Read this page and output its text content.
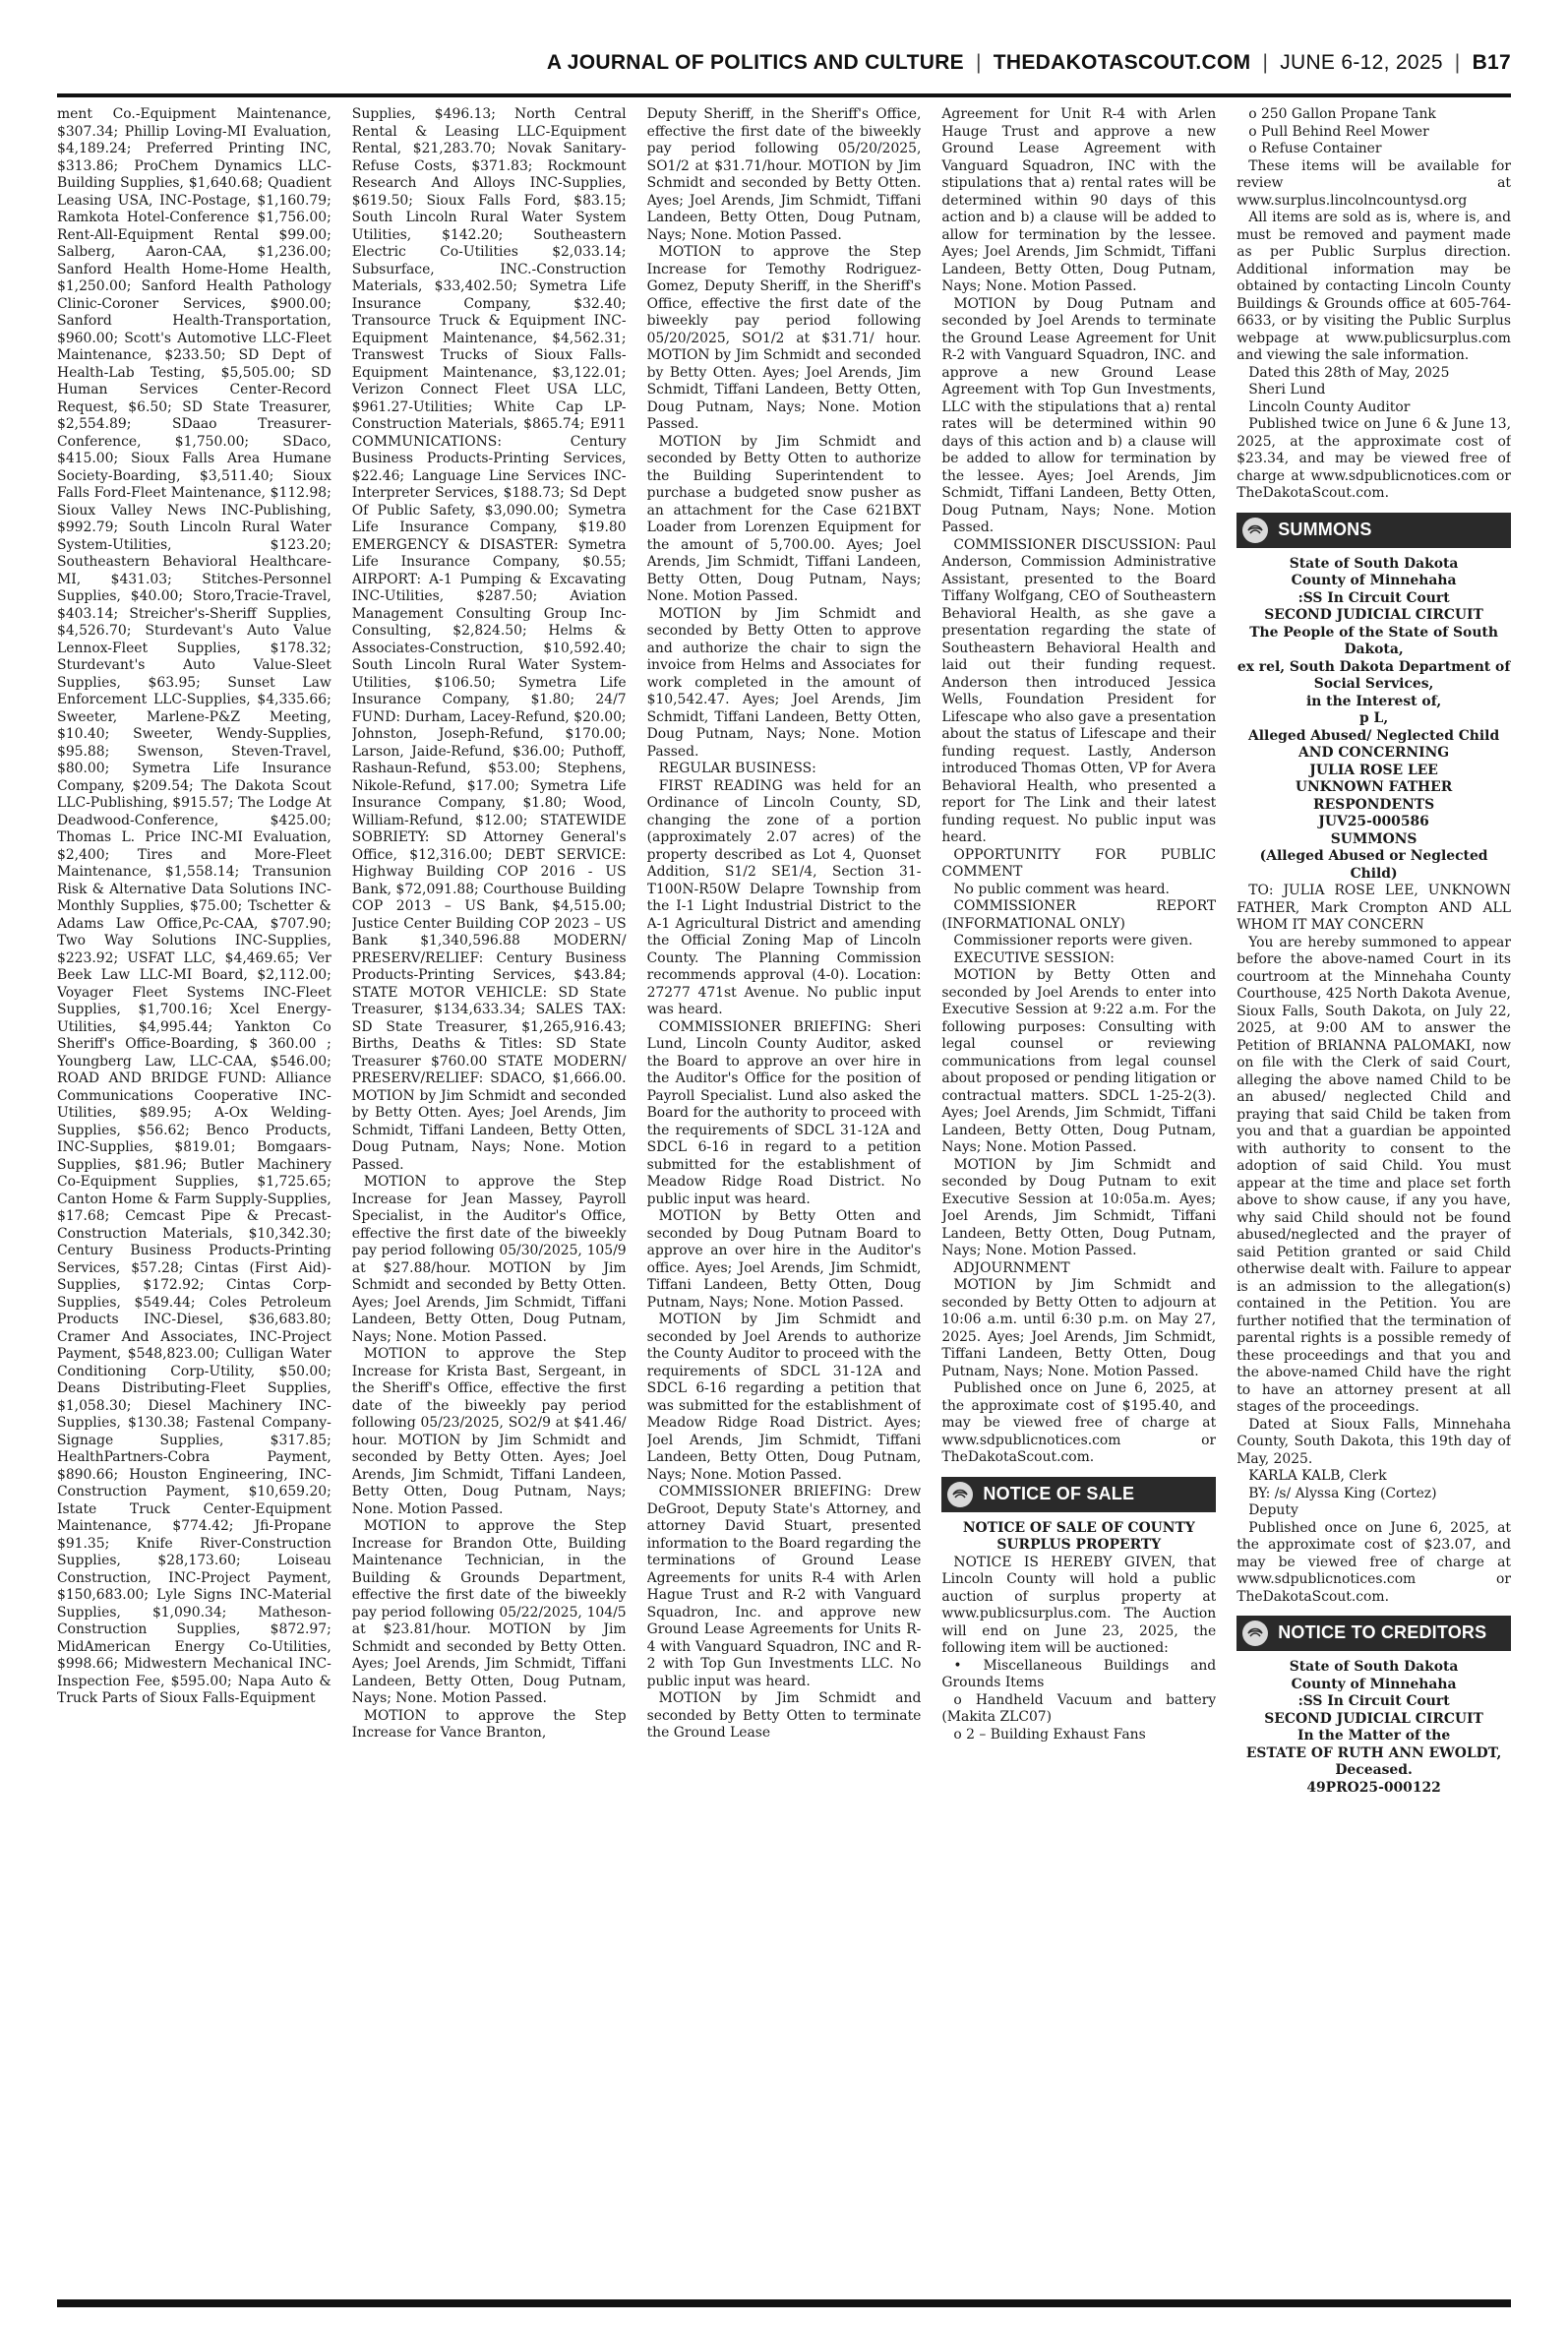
A JOURNAL OF POLITICS AND CULTURE | THEDAKOTASCOUT.COM | JUNE 6-12, 2025 | B17

ment Co.-Equipment Maintenance, $307.34; Phillip Loving-MI Evaluation, $4,189.24; Preferred Printing INC, $313.86; ProChem Dynamics LLC-Building Supplies, $1,640.68; Quadient Leasing USA, INC-Postage, $1,160.79; Ramkota Hotel-Conference $1,756.00; Rent-All-Equipment Rental $99.00; Salberg, Aaron-CAA, $1,236.00; Sanford Health Home-Home Health, $1,250.00; Sanford Health Pathology Clinic-Coroner Services, $900.00; Sanford Health-Transportation, $960.00; Scott's Automotive LLC-Fleet Maintenance, $233.50; SD Dept of Health-Lab Testing, $5,505.00; SD Human Services Center-Record Request, $6.50; SD State Treasurer, $2,554.89; SDaao Treasurer-Conference, $1,750.00; SDaco, $415.00; Sioux Falls Area Humane Society-Boarding, $3,511.40; Sioux Falls Ford-Fleet Maintenance, $112.98; Sioux Valley News INC-Publishing, $992.79; South Lincoln Rural Water System-Utilities, $123.20; Southeastern Behavioral Healthcare-MI, $431.03; Stitches-Personnel Supplies, $40.00; Storo,Tracie-Travel, $403.14; Streicher's-Sheriff Supplies, $4,526.70; Sturdevant's Auto Value Lennox-Fleet Supplies, $178.32; Sturdevant's Auto Value-Sleet Supplies, $63.95; Sunset Law Enforcement LLC-Supplies, $4,335.66; Sweeter, Marlene-P&Z Meeting, $10.40; Sweeter, Wendy-Supplies, $95.88; Swenson, Steven-Travel, $80.00; Symetra Life Insurance Company, $209.54; The Dakota Scout LLC-Publishing, $915.57; The Lodge At Deadwood-Conference, $425.00; Thomas L. Price INC-MI Evaluation, $2,400; Tires and More-Fleet Maintenance, $1,558.14; Transunion Risk & Alternative Data Solutions INC-Monthly Supplies, $75.00; Tschetter & Adams Law Office,Pc-CAA, $707.90; Two Way Solutions INC-Supplies, $223.92; USFAT LLC, $4,469.65; Ver Beek Law LLC-MI Board, $2,112.00; Voyager Fleet Systems INC-Fleet Supplies, $1,700.16; Xcel Energy-Utilities, $4,995.44; Yankton Co Sheriff's Office-Boarding, $ 360.00 ; Youngberg Law, LLC-CAA, $546.00; ROAD AND BRIDGE FUND: Alliance Communications Cooperative INC-Utilities, $89.95; A-Ox Welding-Supplies, $56.62; Benco Products, INC-Supplies, $819.01; Bomgaars-Supplies, $81.96; Butler Machinery Co-Equipment Supplies, $1,725.65; Canton Home & Farm Supply-Supplies, $17.68; Cemcast Pipe & Precast-Construction Materials, $10,342.30; Century Business Products-Printing Services, $57.28; Cintas (First Aid)-Supplies, $172.92; Cintas Corp-Supplies, $549.44; Coles Petroleum Products INC-Diesel, $36,683.80; Cramer And Associates, INC-Project Payment, $548,823.00; Culligan Water Conditioning Corp-Utility, $50.00; Deans Distributing-Fleet Supplies, $1,058.30; Diesel Machinery INC-Supplies, $130.38; Fastenal Company-Signage Supplies, $317.85; HealthPartners-Cobra Payment, $890.66; Houston Engineering, INC-Construction Payment, $10,659.20; Istate Truck Center-Equipment Maintenance, $774.42; Jfi-Propane $91.35; Knife River-Construction Supplies, $28,173.60; Loiseau Construction, INC-Project Payment, $150,683.00; Lyle Signs INC-Material Supplies, $1,090.34; Matheson-Construction Supplies, $872.97; MidAmerican Energy Co-Utilities, $998.66; Midwestern Mechanical INC-Inspection Fee, $595.00; Napa Auto & Truck Parts of Sioux Falls-Equipment

Supplies, $496.13; North Central Rental & Leasing LLC-Equipment Rental, $21,283.70; Novak Sanitary-Refuse Costs, $371.83; Rockmount Research And Alloys INC-Supplies, $619.50; Sioux Falls Ford, $83.15; South Lincoln Rural Water System Utilities, $142.20; Southeastern Electric Co-Utilities $2,033.14; Subsurface, INC.-Construction Materials, $33,402.50; Symetra Life Insurance Company, $32.40; Transource Truck & Equipment INC-Equipment Maintenance, $4,562.31; Transwest Trucks of Sioux Falls-Equipment Maintenance, $3,122.01; Verizon Connect Fleet USA LLC, $961.27-Utilities; White Cap LP-Construction Materials, $865.74; E911 COMMUNICATIONS: Century Business Products-Printing Services, $22.46; Language Line Services INC-Interpreter Services, $188.73; Sd Dept Of Public Safety, $3,090.00; Symetra Life Insurance Company, $19.80 EMERGENCY & DISASTER: Symetra Life Insurance Company, $0.55; AIRPORT: A-1 Pumping & Excavating INC-Utilities, $287.50; Aviation Management Consulting Group Inc-Consulting, $2,824.50; Helms & Associates-Construction, $10,592.40; South Lincoln Rural Water System- Utilities, $106.50; Symetra Life Insurance Company, $1.80; 24/7 FUND: Durham, Lacey-Refund, $20.00; Johnston, Joseph-Refund, $170.00; Larson, Jaide-Refund, $36.00; Puthoff, Rashaun-Refund, $53.00; Stephens, Nikole-Refund, $17.00; Symetra Life Insurance Company, $1.80; Wood, William-Refund, $12.00; STATEWIDE SOBRIETY: SD Attorney General's Office, $12,316.00; DEBT SERVICE: Highway Building COP 2016 - US Bank, $72,091.88; Courthouse Building COP 2013 – US Bank, $4,515.00; Justice Center Building COP 2023 – US Bank $1,340,596.88 MODERN/ PRESERV/RELIEF: Century Business Products-Printing Services, $43.84; STATE MOTOR VEHICLE: SD State Treasurer, $134,633.34; SALES TAX: SD State Treasurer, $1,265,916.43; Births, Deaths & Titles: SD State Treasurer $760.00 STATE MODERN/ PRESERV/RELIEF: SDACO, $1,666.00. MOTION by Jim Schmidt and seconded by Betty Otten. Ayes; Joel Arends, Jim Schmidt, Tiffani Landeen, Betty Otten, Doug Putnam, Nays; None. Motion Passed.

MOTION to approve the Step Increase for Jean Massey, Payroll Specialist, in the Auditor's Office, effective the first date of the biweekly pay period following 05/30/2025, 105/9 at $27.88/hour. MOTION by Jim Schmidt and seconded by Betty Otten. Ayes; Joel Arends, Jim Schmidt, Tiffani Landeen, Betty Otten, Doug Putnam, Nays; None. Motion Passed.

MOTION to approve the Step Increase for Krista Bast, Sergeant, in the Sheriff's Office, effective the first date of the biweekly pay period following 05/23/2025, SO2/9 at $41.46/ hour. MOTION by Jim Schmidt and seconded by Betty Otten. Ayes; Joel Arends, Jim Schmidt, Tiffani Landeen, Betty Otten, Doug Putnam, Nays; None. Motion Passed.

MOTION to approve the Step Increase for Brandon Otte, Building Maintenance Technician, in the Building & Grounds Department, effective the first date of the biweekly pay period following 05/22/2025, 104/5 at $23.81/hour. MOTION by Jim Schmidt and seconded by Betty Otten. Ayes; Joel Arends, Jim Schmidt, Tiffani Landeen, Betty Otten, Doug Putnam, Nays; None. Motion Passed.

MOTION to approve the Step Increase for Vance Branton,

Deputy Sheriff, in the Sheriff's Office, effective the first date of the biweekly pay period following 05/20/2025, SO1/2 at $31.71/hour. MOTION by Jim Schmidt and seconded by Betty Otten. Ayes; Joel Arends, Jim Schmidt, Tiffani Landeen, Betty Otten, Doug Putnam, Nays; None. Motion Passed.

MOTION to approve the Step Increase for Temothy Rodriguez-Gomez, Deputy Sheriff, in the Sheriff's Office, effective the first date of the biweekly pay period following 05/20/2025, SO1/2 at $31.71/ hour. MOTION by Jim Schmidt and seconded by Betty Otten. Ayes; Joel Arends, Jim Schmidt, Tiffani Landeen, Betty Otten, Doug Putnam, Nays; None. Motion Passed.

MOTION by Jim Schmidt and seconded by Betty Otten to authorize the Building Superintendent to purchase a budgeted snow pusher as an attachment for the Case 621BXT Loader from Lorenzen Equipment for the amount of 5,700.00. Ayes; Joel Arends, Jim Schmidt, Tiffani Landeen, Betty Otten, Doug Putnam, Nays; None. Motion Passed.

MOTION by Jim Schmidt and seconded by Betty Otten to approve and authorize the chair to sign the invoice from Helms and Associates for work completed in the amount of $10,542.47. Ayes; Joel Arends, Jim Schmidt, Tiffani Landeen, Betty Otten, Doug Putnam, Nays; None. Motion Passed.

REGULAR BUSINESS:

FIRST READING was held for an Ordinance of Lincoln County, SD, changing the zone of a portion (approximately 2.07 acres) of the property described as Lot 4, Quonset Addition, S1/2 SE1/4, Section 31-T100N-R50W Delapre Township from the I-1 Light Industrial District to the A-1 Agricultural District and amending the Official Zoning Map of Lincoln County. The Planning Commission recommends approval (4-0). Location: 27277 471st Avenue. No public input was heard.

COMMISSIONER BRIEFING: Sheri Lund, Lincoln County Auditor, asked the Board to approve an over hire in the Auditor's Office for the position of Payroll Specialist. Lund also asked the Board for the authority to proceed with the requirements of SDCL 31-12A and SDCL 6-16 in regard to a petition submitted for the establishment of Meadow Ridge Road District. No public input was heard.

MOTION by Betty Otten and seconded by Doug Putnam Board to approve an over hire in the Auditor's office. Ayes; Joel Arends, Jim Schmidt, Tiffani Landeen, Betty Otten, Doug Putnam, Nays; None. Motion Passed.

MOTION by Jim Schmidt and seconded by Joel Arends to authorize the County Auditor to proceed with the requirements of SDCL 31-12A and SDCL 6-16 regarding a petition that was submitted for the establishment of Meadow Ridge Road District. Ayes; Joel Arends, Jim Schmidt, Tiffani Landeen, Betty Otten, Doug Putnam, Nays; None. Motion Passed.

COMMISSIONER BRIEFING: Drew DeGroot, Deputy State's Attorney, and attorney David Stuart, presented information to the Board regarding the terminations of Ground Lease Agreements for units R-4 with Arlen Hague Trust and R-2 with Vanguard Squadron, Inc. and approve new Ground Lease Agreements for Units R-4 with Vanguard Squadron, INC and R-2 with Top Gun Investments LLC. No public input was heard.

MOTION by Jim Schmidt and seconded by Betty Otten to terminate the Ground Lease

Agreement for Unit R-4 with Arlen Hauge Trust and approve a new Ground Lease Agreement with Vanguard Squadron, INC with the stipulations that a) rental rates will be determined within 90 days of this action and b) a clause will be added to allow for termination by the lessee. Ayes; Joel Arends, Jim Schmidt, Tiffani Landeen, Betty Otten, Doug Putnam, Nays; None. Motion Passed.

MOTION by Doug Putnam and seconded by Joel Arends to terminate the Ground Lease Agreement for Unit R-2 with Vanguard Squadron, INC. and approve a new Ground Lease Agreement with Top Gun Investments, LLC with the stipulations that a) rental rates will be determined within 90 days of this action and b) a clause will be added to allow for termination by the lessee. Ayes; Joel Arends, Jim Schmidt, Tiffani Landeen, Betty Otten, Doug Putnam, Nays; None. Motion Passed.

COMMISSIONER DISCUSSION: Paul Anderson, Commission Administrative Assistant, presented to the Board Tiffany Wolfgang, CEO of Southeastern Behavioral Health, as she gave a presentation regarding the state of Southeastern Behavioral Health and laid out their funding request. Anderson then introduced Jessica Wells, Foundation President for Lifescape who also gave a presentation about the status of Lifescape and their funding request. Lastly, Anderson introduced Thomas Otten, VP for Avera Behavioral Health, who presented a report for The Link and their latest funding request. No public input was heard.

OPPORTUNITY FOR PUBLIC COMMENT

No public comment was heard.

COMMISSIONER REPORT (INFORMATIONAL ONLY)

Commissioner reports were given.

EXECUTIVE SESSION:

MOTION by Betty Otten and seconded by Joel Arends to enter into Executive Session at 9:22 a.m. For the following purposes: Consulting with legal counsel or reviewing communications from legal counsel about proposed or pending litigation or contractual matters. SDCL 1-25-2(3). Ayes; Joel Arends, Jim Schmidt, Tiffani Landeen, Betty Otten, Doug Putnam, Nays; None. Motion Passed.

MOTION by Jim Schmidt and seconded by Doug Putnam to exit Executive Session at 10:05a.m. Ayes; Joel Arends, Jim Schmidt, Tiffani Landeen, Betty Otten, Doug Putnam, Nays; None. Motion Passed.

ADJOURNMENT

MOTION by Jim Schmidt and seconded by Betty Otten to adjourn at 10:06 a.m. until 6:30 p.m. on May 27, 2025. Ayes; Joel Arends, Jim Schmidt, Tiffani Landeen, Betty Otten, Doug Putnam, Nays; None. Motion Passed.

Published once on June 6, 2025, at the approximate cost of $195.40, and may be viewed free of charge at www.sdpublicnotices.com or TheDakotaScout.com.

NOTICE OF SALE

NOTICE OF SALE OF COUNTY SURPLUS PROPERTY

NOTICE IS HEREBY GIVEN, that Lincoln County will hold a public auction of surplus property at www.publicsurplus.com. The Auction will end on June 23, 2025, the following item will be auctioned:

• Miscellaneous Buildings and Grounds Items

o Handheld Vacuum and battery (Makita ZLC07)

o 2 – Building Exhaust Fans

o 250 Gallon Propane Tank

o Pull Behind Reel Mower

o Refuse Container

These items will be available for review at www.surplus.lincolncountysd.org

All items are sold as is, where is, and must be removed and payment made as per Public Surplus direction. Additional information may be obtained by contacting Lincoln County Buildings & Grounds office at 605-764-6633, or by visiting the Public Surplus webpage at www.publicsurplus.com and viewing the sale information.

Dated this 28th of May, 2025

Sheri Lund

Lincoln County Auditor

Published twice on June 6 & June 13, 2025, at the approximate cost of $23.34, and may be viewed free of charge at www.sdpublicnotices.com or TheDakotaScout.com.

SUMMONS

State of South Dakota

County of Minnehaha

:SS In Circuit Court

SECOND JUDICIAL CIRCUIT

The People of the State of South Dakota,

ex rel, South Dakota Department of

Social Services,

in the Interest of,

p L,

Alleged Abused/ Neglected Child

AND CONCERNING

JULIA ROSE LEE

UNKNOWN FATHER

RESPONDENTS

JUV25-000586

SUMMONS

(Alleged Abused or Neglected Child)

TO: JULIA ROSE LEE, UNKNOWN FATHER, Mark Crompton AND ALL WHOM IT MAY CONCERN

You are hereby summoned to appear before the above-named Court in its courtroom at the Minnehaha County Courthouse, 425 North Dakota Avenue, Sioux Falls, South Dakota, on July 22, 2025, at 9:00 AM to answer the Petition of BRIANNA PALOMAKI, now on file with the Clerk of said Court, alleging the above named Child to be an abused/ neglected Child and praying that said Child be taken from you and that a guardian be appointed with authority to consent to the adoption of said Child. You must appear at the time and place set forth above to show cause, if any you have, why said Child should not be found abused/neglected and the prayer of said Petition granted or said Child otherwise dealt with. Failure to appear is an admission to the allegation(s) contained in the Petition. You are further notified that the termination of parental rights is a possible remedy of these proceedings and that you and the above-named Child have the right to have an attorney present at all stages of the proceedings.

Dated at Sioux Falls, Minnehaha County, South Dakota, this 19th day of May, 2025.

KARLA KALB, Clerk

BY: /s/ Alyssa King (Cortez)

Deputy

Published once on June 6, 2025, at the approximate cost of $23.07, and may be viewed free of charge at www.sdpublicnotices.com or TheDakotaScout.com.

NOTICE TO CREDITORS

State of South Dakota

County of Minnehaha

:SS In Circuit Court

SECOND JUDICIAL CIRCUIT

In the Matter of the

ESTATE OF RUTH ANN EWOLDT,

Deceased.

49PRO25-000122
